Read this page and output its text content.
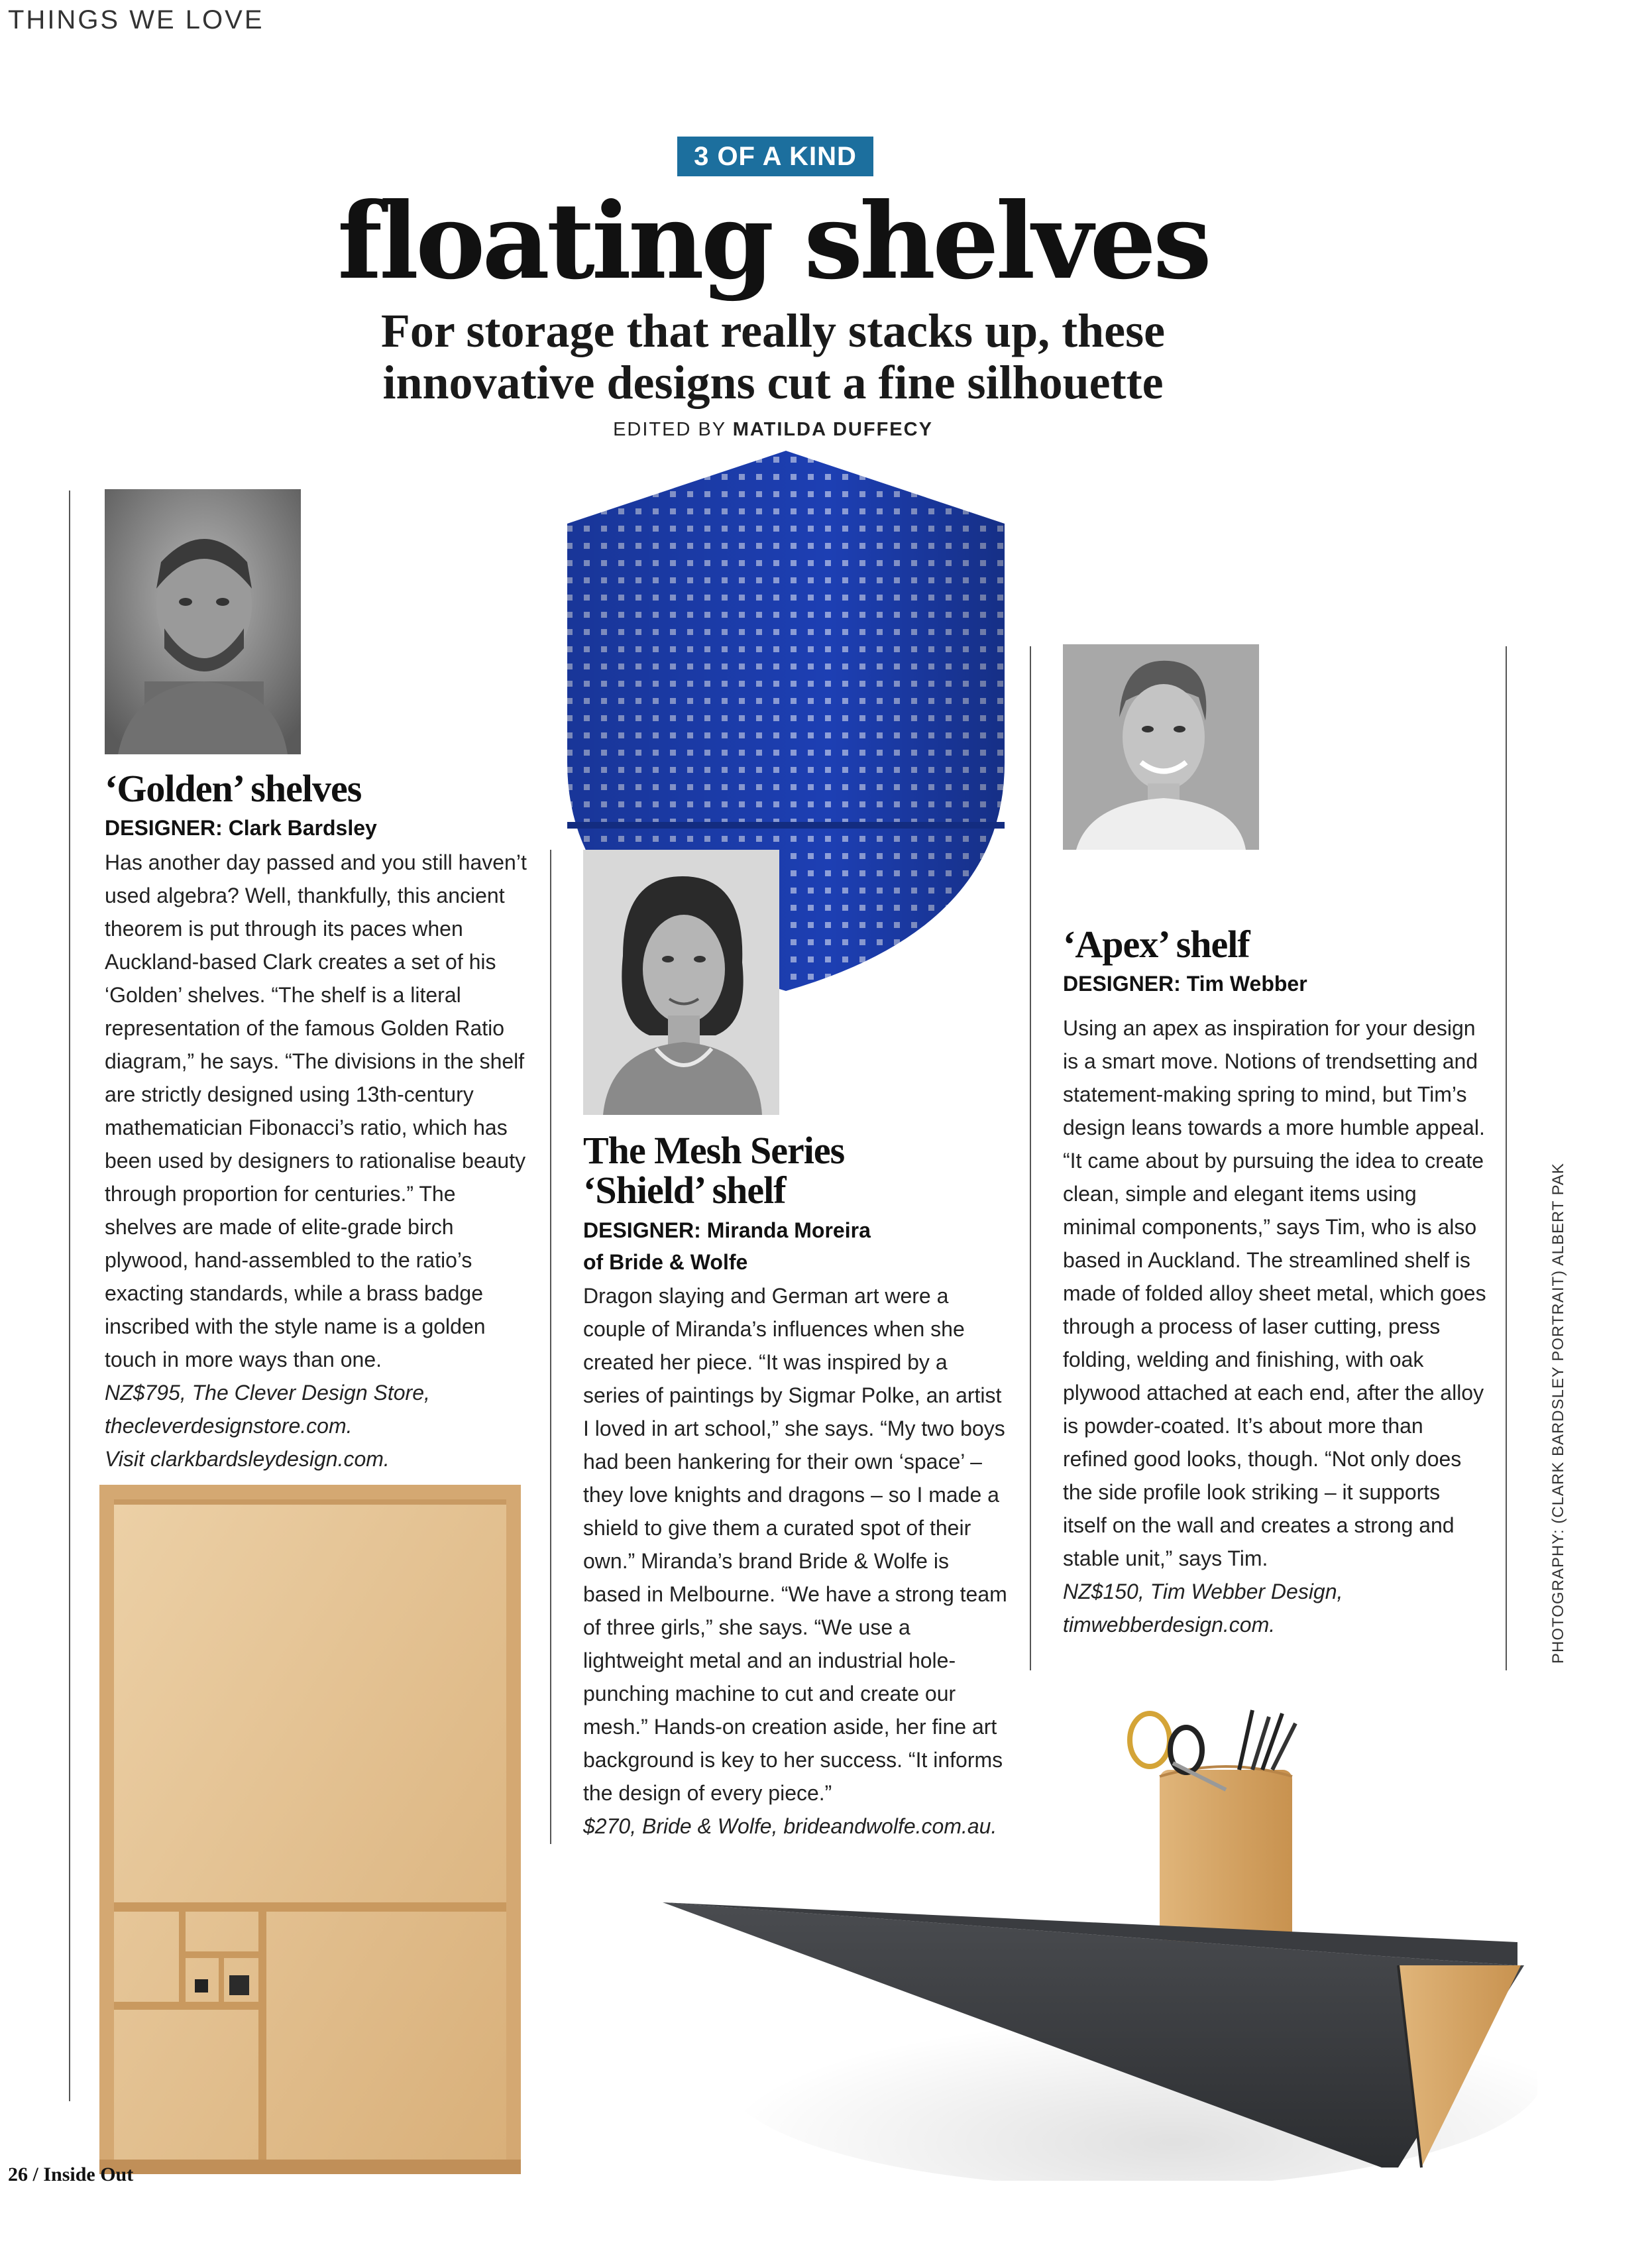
THINGS WE LOVE
3 OF A KIND
floating shelves
For storage that really stacks up, these
innovative designs cut a fine silhouette
EDITED BY MATILDA DUFFECY
‘Golden’ shelves
DESIGNER: Clark Bardsley

Has another day passed and you still haven’t used algebra? Well, thankfully, this ancient theorem is put through its paces when Auckland-based Clark creates a set of his ‘Golden’ shelves. “The shelf is a literal representation of the famous Golden Ratio diagram,” he says. “The divisions in the shelf are strictly designed using 13th-century mathematician Fibonacci’s ratio, which has been used by designers to rationalise beauty through proportion for centuries.” The shelves are made of elite-grade birch plywood, hand-assembled to the ratio’s exacting standards, while a brass badge inscribed with the style name is a golden touch in more ways than one.

NZ$795, The Clever Design Store,

thecleverdesignstore.com.

Visit clarkbardsleydesign.com.

The Mesh Series
‘Shield’ shelf
DESIGNER: Miranda Moreira
of Bride & Wolfe

Dragon slaying and German art were a couple of Miranda’s influences when she created her piece. “It was inspired by a series of paintings by Sigmar Polke, an artist I loved in art school,” she says. “My two boys had been hankering for their own ‘space’ – they love knights and dragons – so I made a shield to give them a curated spot of their own.” Miranda’s brand Bride & Wolfe is based in Melbourne. “We have a strong team of three girls,” she says. “We use a lightweight metal and an industrial hole-punching machine to cut and create our mesh.” Hands-on creation aside, her fine art background is key to her success. “It informs the design of every piece.”

$270, Bride & Wolfe, brideandwolfe.com.au.

‘Apex’ shelf
DESIGNER: Tim Webber

Using an apex as inspiration for your design is a smart move. Notions of trendsetting and statement-making spring to mind, but Tim’s design leans towards a more humble appeal. “It came about by pursuing the idea to create clean, simple and elegant items using minimal components,” says Tim, who is also based in Auckland. The streamlined shelf is made of folded alloy sheet metal, which goes through a process of laser cutting, press folding, welding and finishing, with oak plywood attached at each end, after the alloy is powder-coated. It’s about more than refined good looks, though. “Not only does the side profile look striking – it supports itself on the wall and creates a strong and stable unit,” says Tim.

NZ$150, Tim Webber Design,

timwebberdesign.com.

26 / Inside Out
PHOTOGRAPHY: (CLARK BARDSLEY PORTRAIT) ALBERT PAK
